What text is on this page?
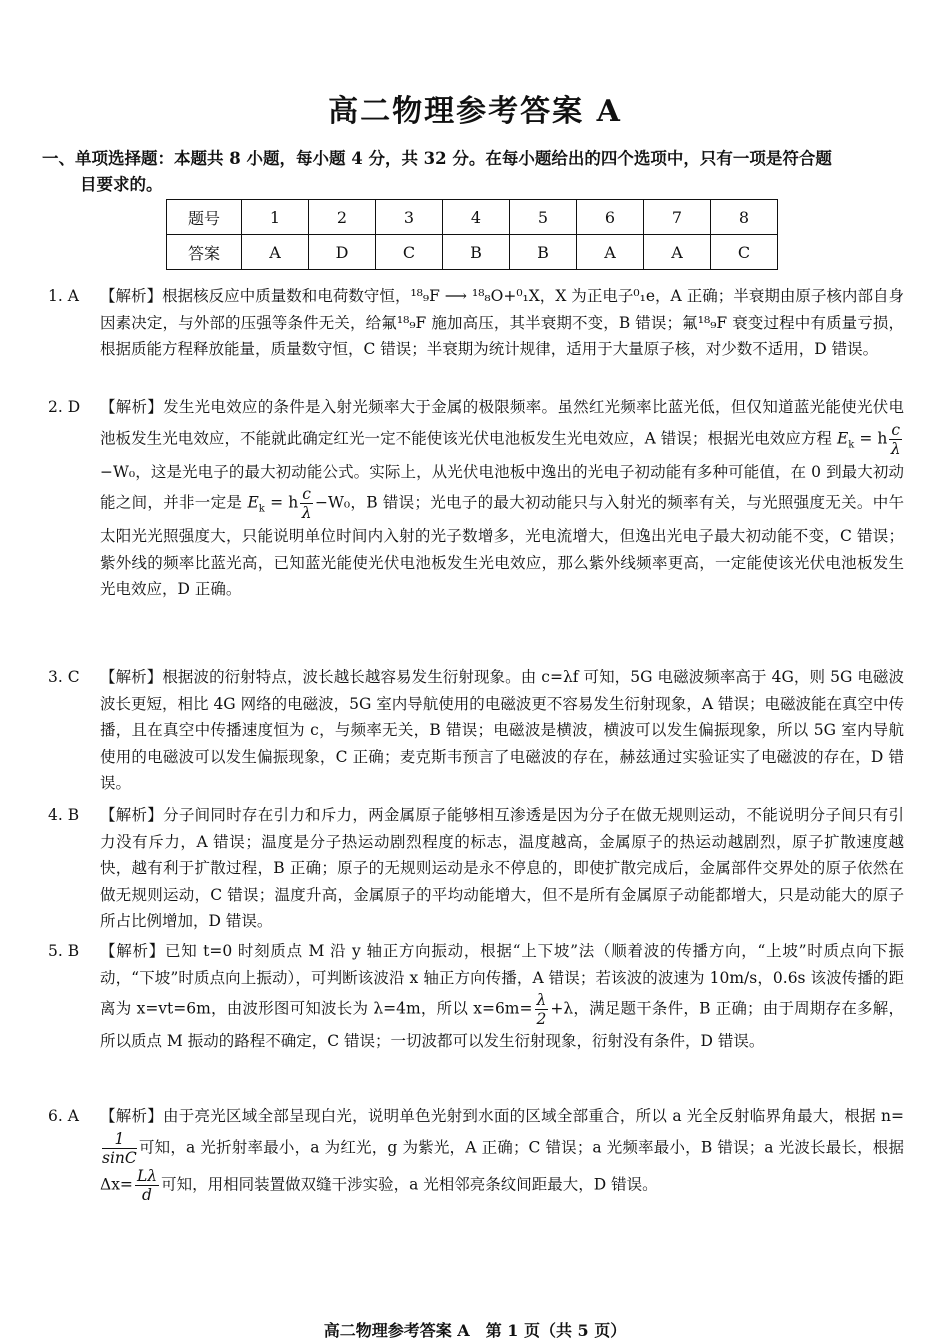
高二物理参考答案 A
一、单项选择题：本题共 8 小题，每小题 4 分，共 32 分。在每小题给出的四个选项中，只有一项是符合题
目要求的。
题号	1	2	3	4	5	6	7	8
答案	A	D	C	B	B	A	A	C
1. A	【解析】根据核反应中质量数和电荷数守恒，¹⁸₉F ⟶ ¹⁸₈O+⁰₁X，X 为正电子⁰₁e，A 正确；半衰期由原子核内部自身因素决定，与外部的压强等条件无关，给氟¹⁸₉F 施加高压，其半衰期不变，B 错误；氟¹⁸₉F 衰变过程中有质量亏损，根据质能方程释放能量，质量数守恒，C 错误；半衰期为统计规律，适用于大量原子核，对少数不适用，D 错误。
2. D	【解析】发生光电效应的条件是入射光频率大于金属的极限频率。虽然红光频率比蓝光低，但仅知道蓝光能使光伏电池板发生光电效应，不能就此确定红光一定不能使该光伏电池板发生光电效应，A 错误；根据光电效应方程 $E_k = h \frac{c}{\lambda}$
−W₀，这是光电子的最大初动能公式。实际上，从光伏电池板中逸出的光电子初动能有多种可能值，在 0 到最大初动能之间，并非一定是 $E_k = h \frac{c}{\lambda} -W_0$，B 错误；光电子的最大初动能只与入射光的频率有关，与光照强度无关。中午太阳光光照强度大，只能说明单位时间内入射的光子数增多，光电流增大，但逸出光电子最大初动能不变，C 错误；紫外线的频率比蓝光高，已知蓝光能使光伏电池板发生光电效应，那么紫外线频率更高，一定能使该光伏电池板发生光电效应，D 正确。
3. C	【解析】根据波的衍射特点，波长越长越容易发生衍射现象。由 c=λf 可知，5G 电磁波频率高于 4G，则 5G 电磁波波长更短，相比 4G 网络的电磁波，5G 室内导航使用的电磁波更不容易发生衍射现象，A 错误；电磁波能在真空中传播，且在真空中传播速度恒为 c，与频率无关，B 错误；电磁波是横波，横波可以发生偏振现象，所以 5G 室内导航使用的电磁波可以发生偏振现象，C 正确；麦克斯韦预言了电磁波的存在，赫兹通过实验证实了电磁波的存在，D 错误。
4. B	【解析】分子间同时存在引力和斥力，两金属原子能够相互渗透是因为分子在做无规则运动，不能说明分子间只有引力没有斥力，A 错误；温度是分子热运动剧烈程度的标志，温度越高，金属原子的热运动越剧烈，原子扩散速度越快，越有利于扩散过程，B 正确；原子的无规则运动是永不停息的，即使扩散完成后，金属部件交界处的原子依然在做无规则运动，C 错误；温度升高，金属原子的平均动能增大，但不是所有金属原子动能都增大，只是动能大的原子所占比例增加，D 错误。
5. B	【解析】已知 t=0 时刻质点 M 沿 y 轴正方向振动，根据“上下坡”法（顺着波的传播方向，“上坡”时质点向下振动，“下坡”时质点向上振动），可判断该波沿 x 轴正方向传播，A 错误；若该波的波速为 10m/s，0.6s 该波传播的距离为 x=vt=6m，由波形图可知波长为 λ=4m，所以 $x=6m= \frac{\lambda}{2} +\lambda$，满足题干条件，B 正确；由于周期存在多解，所以质点 M 振动的路程不确定，C 错误；一切波都可以发生衍射现象，衍射没有条件，D 错误。
6. A	【解析】由于亮光区域全部呈现白光，说明单色光射到水面的区域全部重合，所以 a 光全反射临界角最大，根据 n=
$\frac{1}{\sin C}$ 可知，a 光折射率最小，a 为红光，g 为紫光，A 正确；C 错误；a 光频率最小，B 错误；a 光波长最长，根据 $\Delta x= \frac{L\lambda}{d}$ 可知，用相同装置做双缝干涉实验，a 光相邻亮条纹间距最大，D 错误。
高二物理参考答案 A　第 1 页（共 5 页）
